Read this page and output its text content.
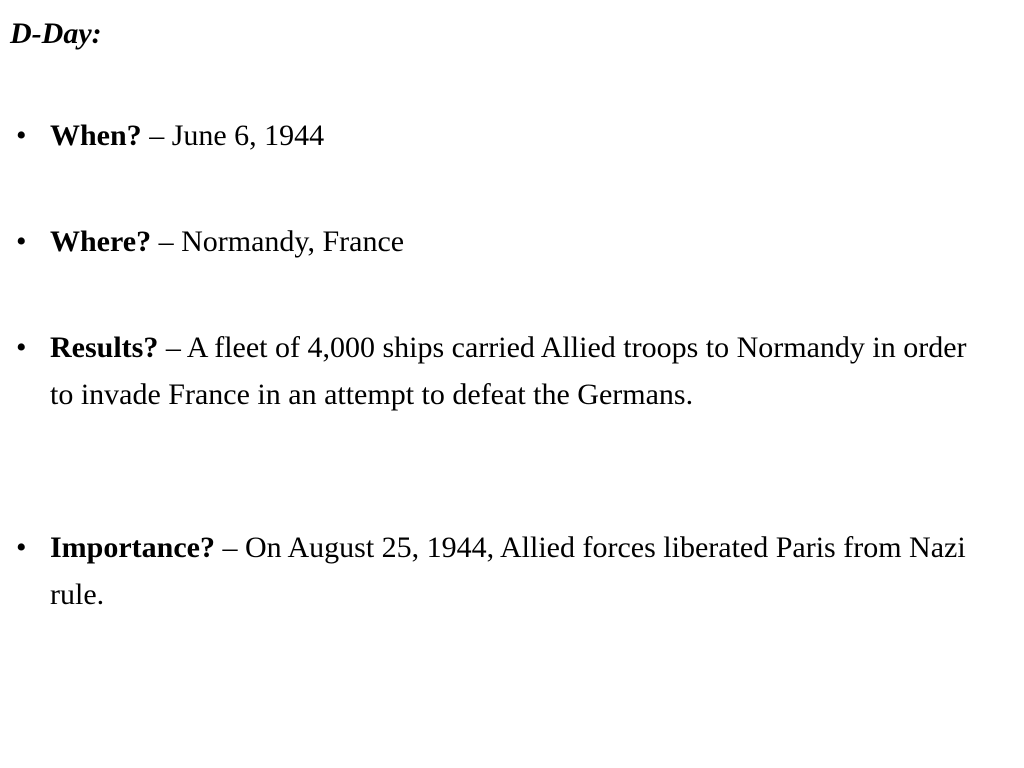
D-Day:
• When? – June 6, 1944
• Where? – Normandy, France
• Results? – A fleet of 4,000 ships carried Allied troops to Normandy in order to invade France in an attempt to defeat the Germans.
• Importance? – On August 25, 1944, Allied forces liberated Paris from Nazi rule.
